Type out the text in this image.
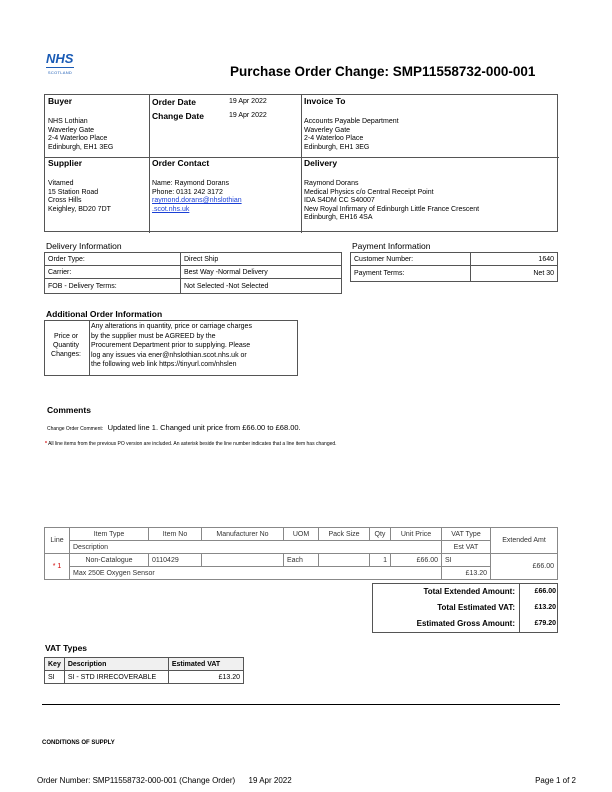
NHS
SCOTLAND	Purchase Order Change: SMP11558732-000-001
Buyer
NHS Lothian
Waverley Gate
2-4 Waterloo Place
Edinburgh, EH1 3EG
Order Date	19 Apr 2022
Change Date	19 Apr 2022
Invoice To
Accounts Payable Department
Waverley Gate
2-4 Waterloo Place
Edinburgh, EH1 3EG
Supplier
Vitamed
15 Station Road
Cross Hills
Keighley, BD20 7DT
Order Contact
Name: Raymond Dorans
Phone: 0131 242 3172
raymond.dorans@nhslothian
.scot.nhs.uk
Delivery
Raymond Dorans
Medical Physics c/o Central Receipt Point
IDA S4DM CC S40007
New Royal Infirmary of Edinburgh Little France Crescent
Edinburgh, EH16 4SA
Delivery Information
Order Type:	Direct Ship
Carrier:	Best Way -Normal Delivery
FOB - Delivery Terms:	Not Selected -Not Selected
Payment Information
Customer Number:	1640
Payment Terms:	Net 30
Additional Order Information
Price or
Quantity
Changes:
Any alterations in quantity, price or carriage charges
by the supplier must be AGREED by the
Procurement Department prior to supplying. Please
log any issues via ener@nhslothian.scot.nhs.uk or
the following web link https://tinyurl.com/nhslen
Comments
Change Order Comment: Updated line 1. Changed unit price from £66.00 to £68.00.
* All line items from the previous PO version are included. An asterisk beside the line number indicates that a line item has changed.
Line	Item Type	Item No	Manufacturer No	UOM	Pack Size	Qty	Unit Price	VAT Type	Extended Amt
	Description							Est VAT	
* 1	Non-Catalogue	0110429		Each		1	£66.00	SI	£66.00
	Max 250E Oxygen Sensor							£13.20	
Total Extended Amount:	£66.00
Total Estimated VAT:	£13.20
Estimated Gross Amount:	£79.20
VAT Types
Key	Description	Estimated VAT
SI	SI - STD IRRECOVERABLE	£13.20
CONDITIONS OF SUPPLY
Order Number: SMP11558732-000-001 (Change Order)      19 Apr 2022	Page 1 of 2
